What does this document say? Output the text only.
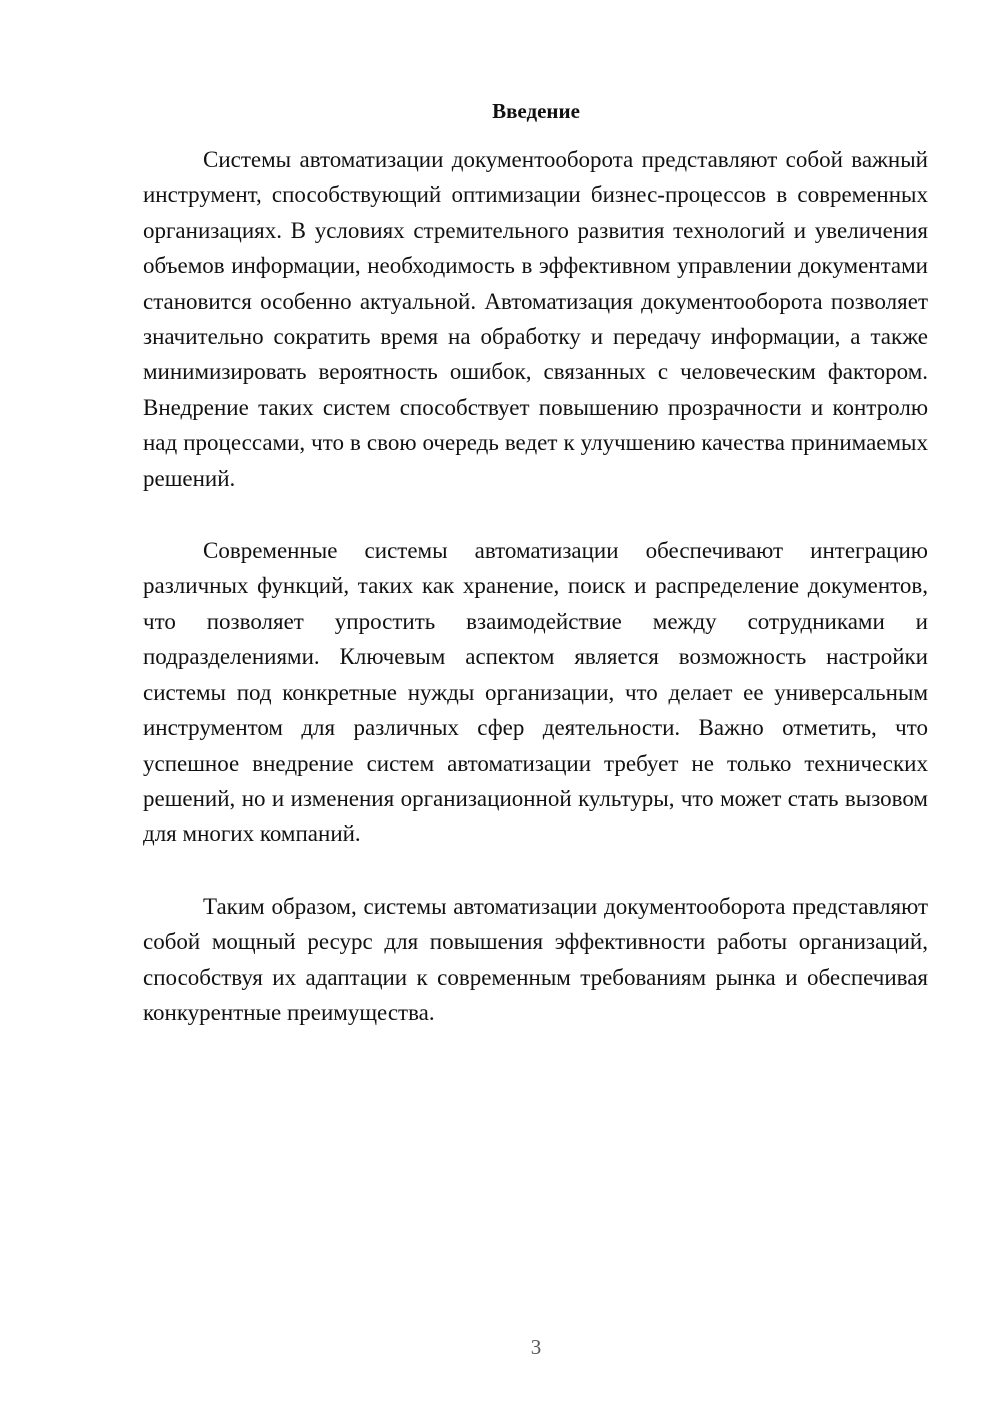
Введение

Системы автоматизации документооборота представляют собой важный инструмент, способствующий оптимизации бизнес-процессов в современных организациях. В условиях стремительного развития технологий и увеличения объемов информации, необходимость в эффективном управлении документами становится особенно актуальной. Автоматизация документооборота позволяет значительно сократить время на обработку и передачу информации, а также минимизировать вероятность ошибок, связанных с человеческим фактором. Внедрение таких систем способствует повышению прозрачности и контролю над процессами, что в свою очередь ведет к улучшению качества принимаемых решений.

Современные системы автоматизации обеспечивают интеграцию различных функций, таких как хранение, поиск и распределение документов, что позволяет упростить взаимодействие между сотрудниками и подразделениями. Ключевым аспектом является возможность настройки системы под конкретные нужды организации, что делает ее универсальным инструментом для различных сфер деятельности. Важно отметить, что успешное внедрение систем автоматизации требует не только технических решений, но и изменения организационной культуры, что может стать вызовом для многих компаний.

Таким образом, системы автоматизации документооборота представляют собой мощный ресурс для повышения эффективности работы организаций, способствуя их адаптации к современным требованиям рынка и обеспечивая конкурентные преимущества.

3
